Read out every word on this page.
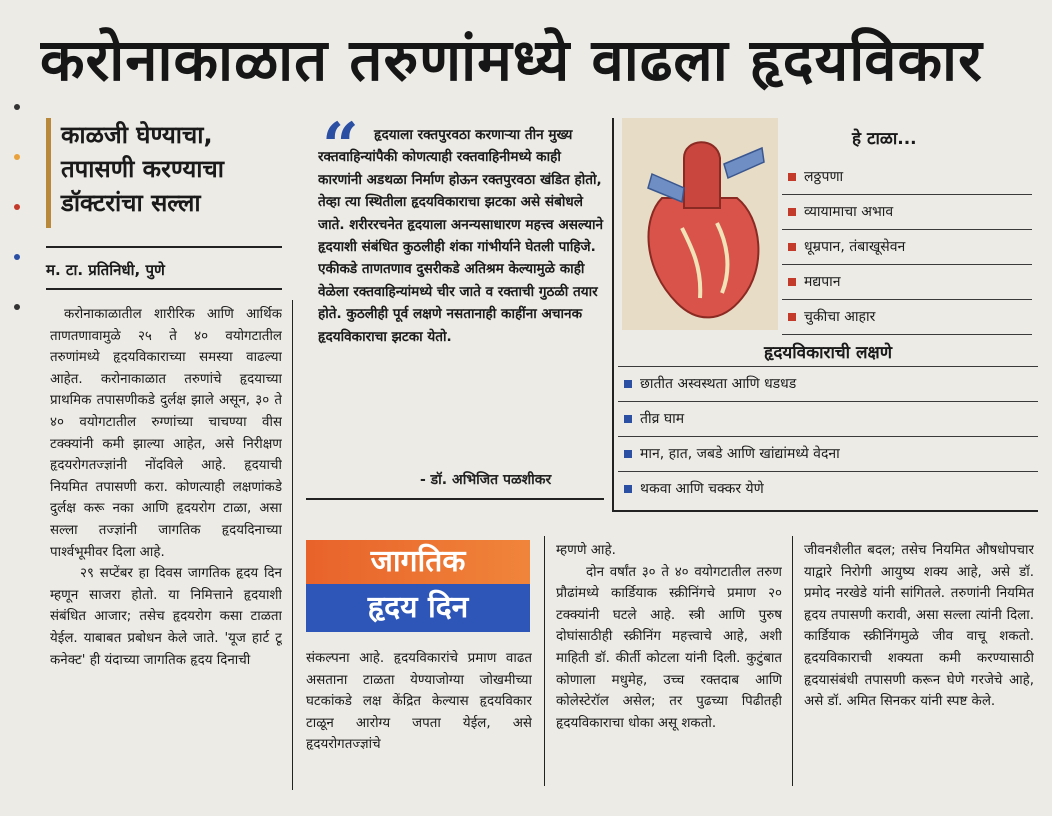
करोनाकाळात तरुणांमध्ये वाढला हृदयविकार
काळजी घेण्याचा,
तपासणी करण्याचा
डॉक्टरांचा सल्ला
म. टा. प्रतिनिधी, पुणे

करोनाकाळातील शारीरिक आणि आर्थिक ताणतणावामुळे २५ ते ४० वयोगटातील तरुणांमध्ये हृदयविकाराच्या समस्या वाढल्या आहेत. करोनाकाळात तरुणांचे हृदयाच्या प्राथमिक तपासणीकडे दुर्लक्ष झाले असून, ३० ते ४० वयोगटातील रुग्णांच्या चाचण्या वीस टक्क्यांनी कमी झाल्या आहेत, असे निरीक्षण हृदयरोगतज्ज्ञांनी नोंदविले आहे. हृदयाची नियमित तपासणी करा. कोणत्याही लक्षणांकडे दुर्लक्ष करू नका आणि हृदयरोग टाळा, असा सल्ला तज्ज्ञांनी जागतिक हृदयदिनाच्या पार्श्वभूमीवर दिला आहे.

२९ सप्टेंबर हा दिवस जागतिक हृदय दिन म्हणून साजरा होतो. या निमित्ताने हृदयाशी संबंधित आजार; तसेच हृदयरोग कसा टाळता येईल. याबाबत प्रबोधन केले जाते. 'यूज हार्ट टू कनेक्ट' ही यंदाच्या जागतिक हृदय दिनाची

“	हृदयाला रक्तपुरवठा करणाऱ्या तीन मुख्य रक्तवाहिन्यांपैकी कोणत्याही रक्तवाहिनीमध्ये काही कारणांनी अडथळा निर्माण होऊन रक्तपुरवठा खंडित होतो, तेव्हा त्या स्थितीला हृदयविकाराचा झटका असे संबोधले जाते. शरीररचनेत हृदयाला अनन्यसाधारण महत्त्व असल्याने हृदयाशी संबंधित कुठलीही शंका गांभीर्याने घेतली पाहिजे. एकीकडे ताणतणाव दुसरीकडे अतिश्रम केल्यामुळे काही वेळेला रक्तवाहिन्यांमध्ये चीर जाते व रक्ताची गुठळी तयार होते. कुठलीही पूर्व लक्षणे नसतानाही काहींना अचानक हृदयविकाराचा झटका येतो.
- डॉ. अभिजित पळशीकर
हे टाळा...
लठ्ठपणा
व्यायामाचा अभाव
धूम्रपान, तंबाखूसेवन
मद्यपान
चुकीचा आहार
हृदयविकाराची लक्षणे
छातीत अस्वस्थता आणि धडधड
तीव्र घाम
मान, हात, जबडे आणि खांद्यांमध्ये वेदना
थकवा आणि चक्कर येणे
जागतिक
हृदय दिन

संकल्पना आहे. हृदयविकारांचे प्रमाण वाढत असताना टाळता येण्याजोग्या जोखमीच्या घटकांकडे लक्ष केंद्रित केल्यास हृदयविकार टाळून आरोग्य जपता येईल, असे हृदयरोगतज्ज्ञांचे

म्हणणे आहे.

दोन वर्षांत ३० ते ४० वयोगटातील तरुण प्रौढांमध्ये कार्डियाक स्क्रीनिंगचे प्रमाण २० टक्क्यांनी घटले आहे. स्त्री आणि पुरुष दोघांसाठीही स्क्रीनिंग महत्त्वाचे आहे, अशी माहिती डॉ. कीर्ती कोटला यांनी दिली. कुटुंबात कोणाला मधुमेह, उच्च रक्तदाब आणि कोलेस्टेरॉल असेल; तर पुढच्या पिढीतही हृदयविकाराचा धोका असू शकतो.

जीवनशैलीत बदल; तसेच नियमित औषधोपचार याद्वारे निरोगी आयुष्य शक्य आहे, असे डॉ. प्रमोद नरखेडे यांनी सांगितले. तरुणांनी नियमित हृदय तपासणी करावी, असा सल्ला त्यांनी दिला. कार्डियाक स्क्रीनिंगमुळे जीव वाचू शकतो. हृदयविकाराची शक्यता कमी करण्यासाठी हृदयासंबंधी तपासणी करून घेणे गरजेचे आहे, असे डॉ. अमित सिनकर यांनी स्पष्ट केले.
